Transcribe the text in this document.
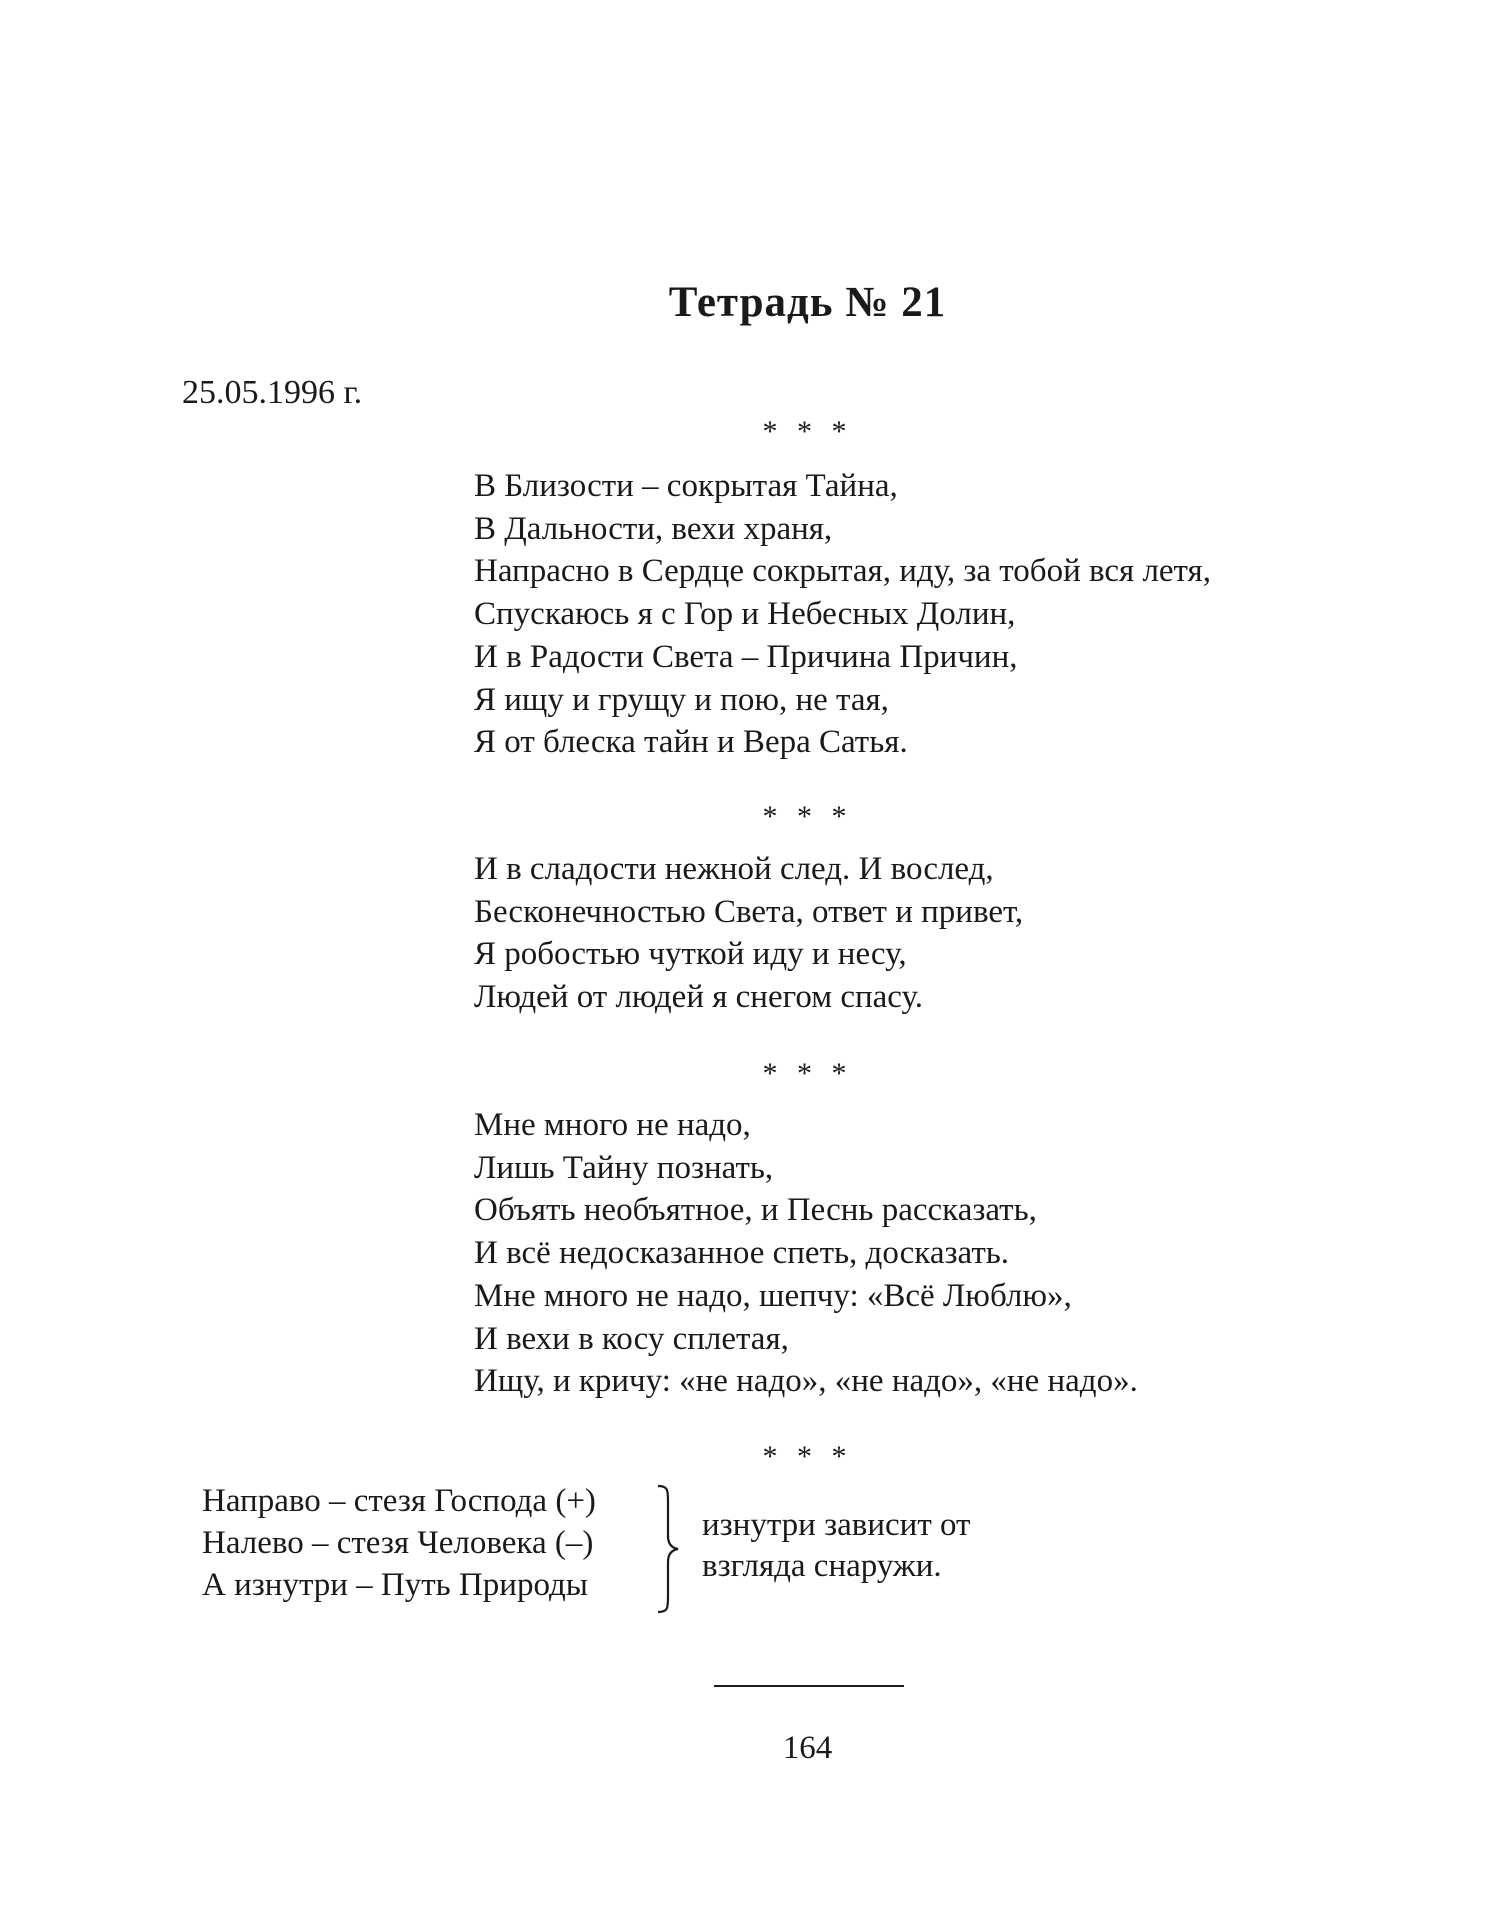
Тетрадь № 21
25.05.1996 г.
* * *
В Близости – сокрытая Тайна,
В Дальности, вехи храня,
Напрасно в Сердце сокрытая, иду, за тобой вся летя,
Спускаюсь я с Гор и Небесных Долин,
И в Радости Света – Причина Причин,
Я ищу и грущу и пою, не тая,
Я от блеска тайн и Вера Сатья.
* * *
И в сладости нежной след. И вослед,
Бесконечностью Света, ответ и привет,
Я робостью чуткой иду и несу,
Людей от людей я снегом спасу.
* * *
Мне много не надо,
Лишь Тайну познать,
Объять необъятное, и Песнь рассказать,
И всё недосказанное спеть, досказать.
Мне много не надо, шепчу: «Всё Люблю»,
И вехи в косу сплетая,
Ищу, и кричу: «не надо», «не надо», «не надо».
* * *
Направо – стезя Господа (+)
Налево – стезя Человека (–)
А изнутри – Путь Природы
изнутри зависит от
взгляда снаружи.
164
